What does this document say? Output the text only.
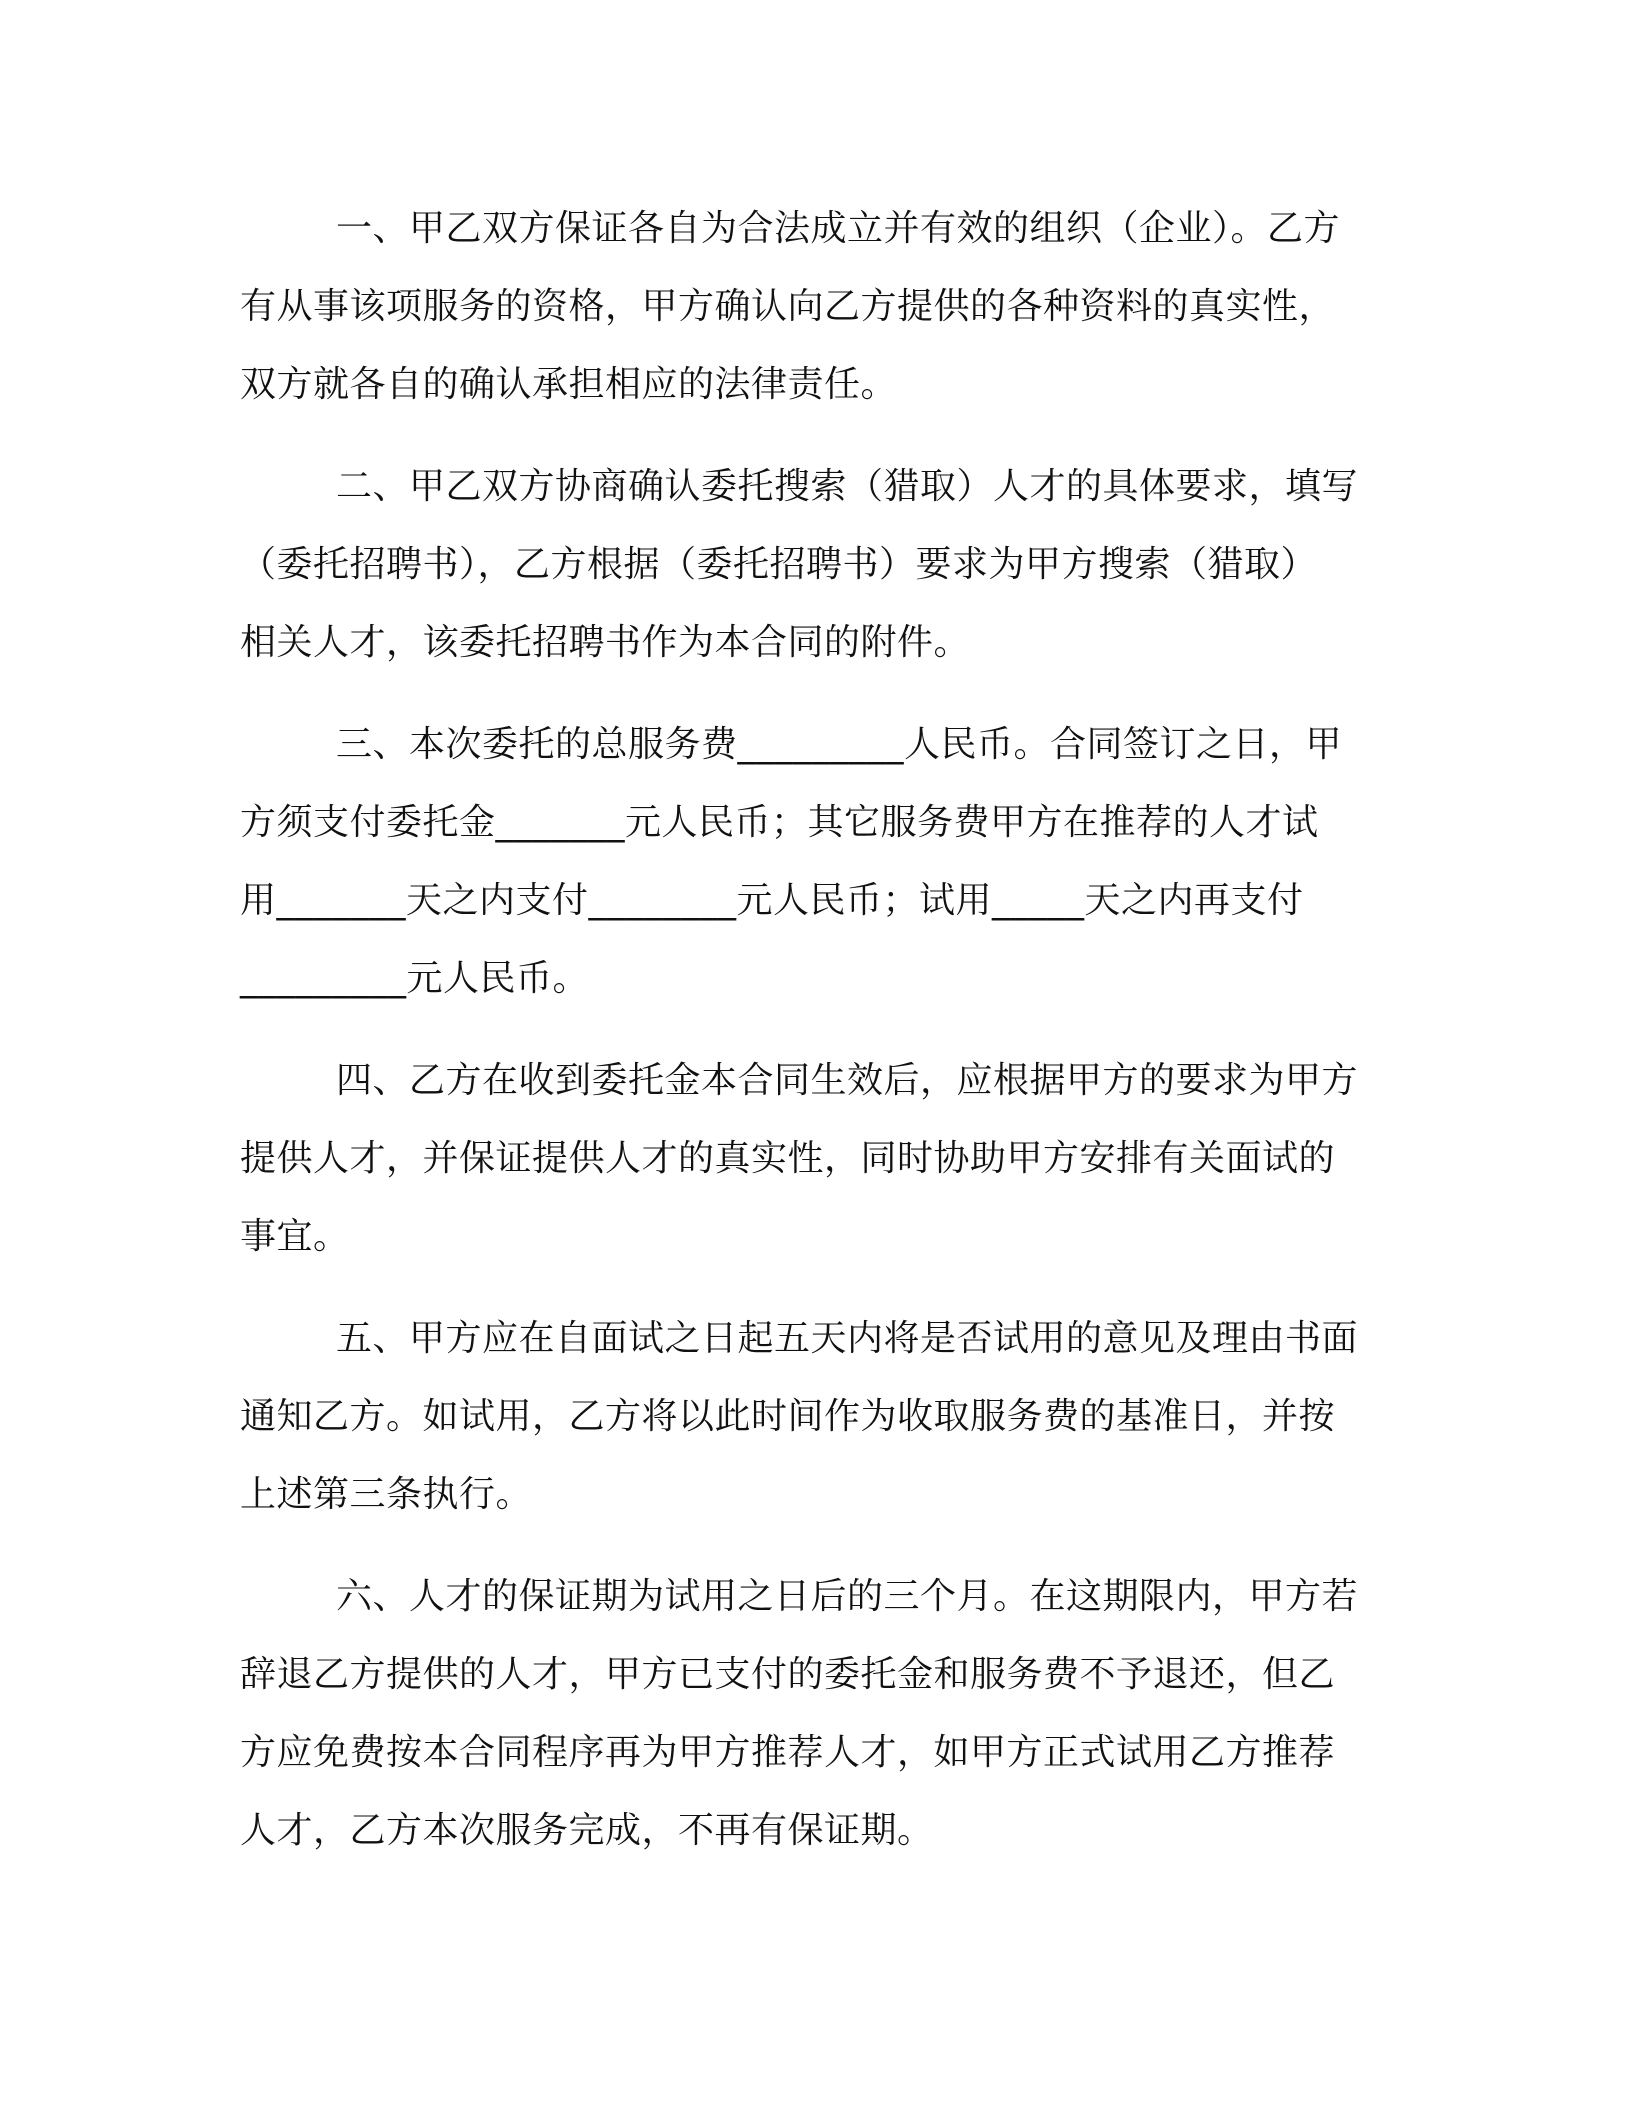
一、甲乙双方保证各自为合法成立并有效的组织（企业）。乙方
有从事该项服务的资格，甲方确认向乙方提供的各种资料的真实性，
双方就各自的确认承担相应的法律责任。
二、甲乙双方协商确认委托搜索（猎取）人才的具体要求，填写
（委托招聘书），乙方根据（委托招聘书）要求为甲方搜索（猎取）
相关人才，该委托招聘书作为本合同的附件。
三、本次委托的总服务费_________人民币。合同签订之日，甲
方须支付委托金_______元人民币；其它服务费甲方在推荐的人才试
用_______天之内支付________元人民币；试用_____天之内再支付
_________元人民币。
四、乙方在收到委托金本合同生效后，应根据甲方的要求为甲方
提供人才，并保证提供人才的真实性，同时协助甲方安排有关面试的
事宜。
五、甲方应在自面试之日起五天内将是否试用的意见及理由书面
通知乙方。如试用，乙方将以此时间作为收取服务费的基准日，并按
上述第三条执行。
六、人才的保证期为试用之日后的三个月。在这期限内，甲方若
辞退乙方提供的人才，甲方已支付的委托金和服务费不予退还，但乙
方应免费按本合同程序再为甲方推荐人才，如甲方正式试用乙方推荐
人才，乙方本次服务完成，不再有保证期。
